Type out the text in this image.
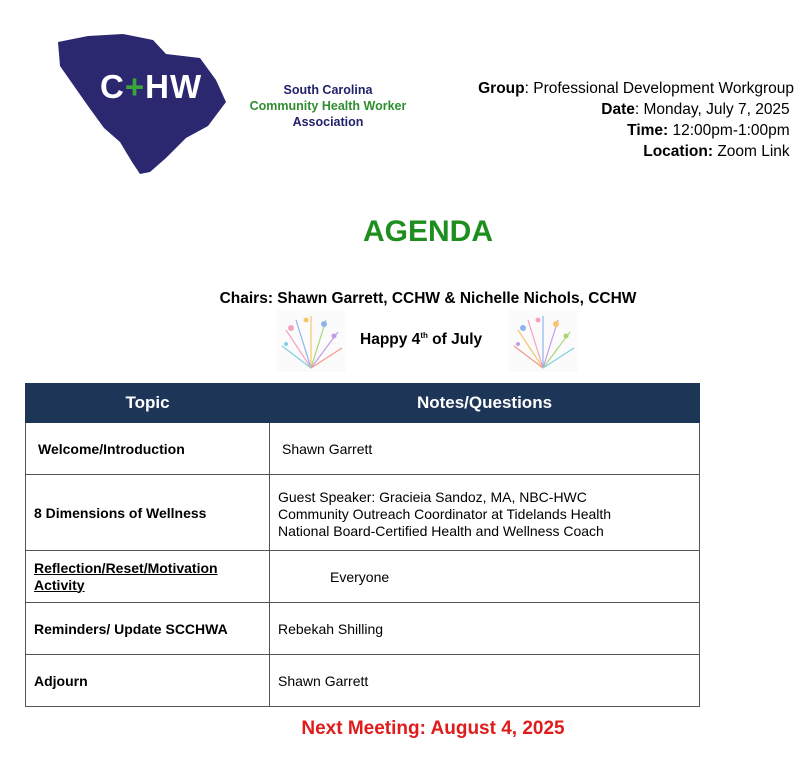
C+HW	South Carolina
Community Health Worker
Association
Group: Professional Development Workgroup
Date: Monday, July 7, 2025
Time: 12:00pm-1:00pm
Location: Zoom Link
AGENDA
Chairs: Shawn Garrett, CCHW & Nichelle Nichols, CCHW
Happy 4th of July
Topic	Notes/Questions
Welcome/Introduction	Shawn Garrett
8 Dimensions of Wellness	Guest Speaker: Gracieia Sandoz, MA, NBC-HWC
Community Outreach Coordinator at Tidelands Health
National Board-Certified Health and Wellness Coach

Reflection/Reset/Motivation Activity	Everyone
Reminders/ Update SCCHWA	Rebekah Shilling
Adjourn	Shawn Garrett
Next Meeting: August 4, 2025
